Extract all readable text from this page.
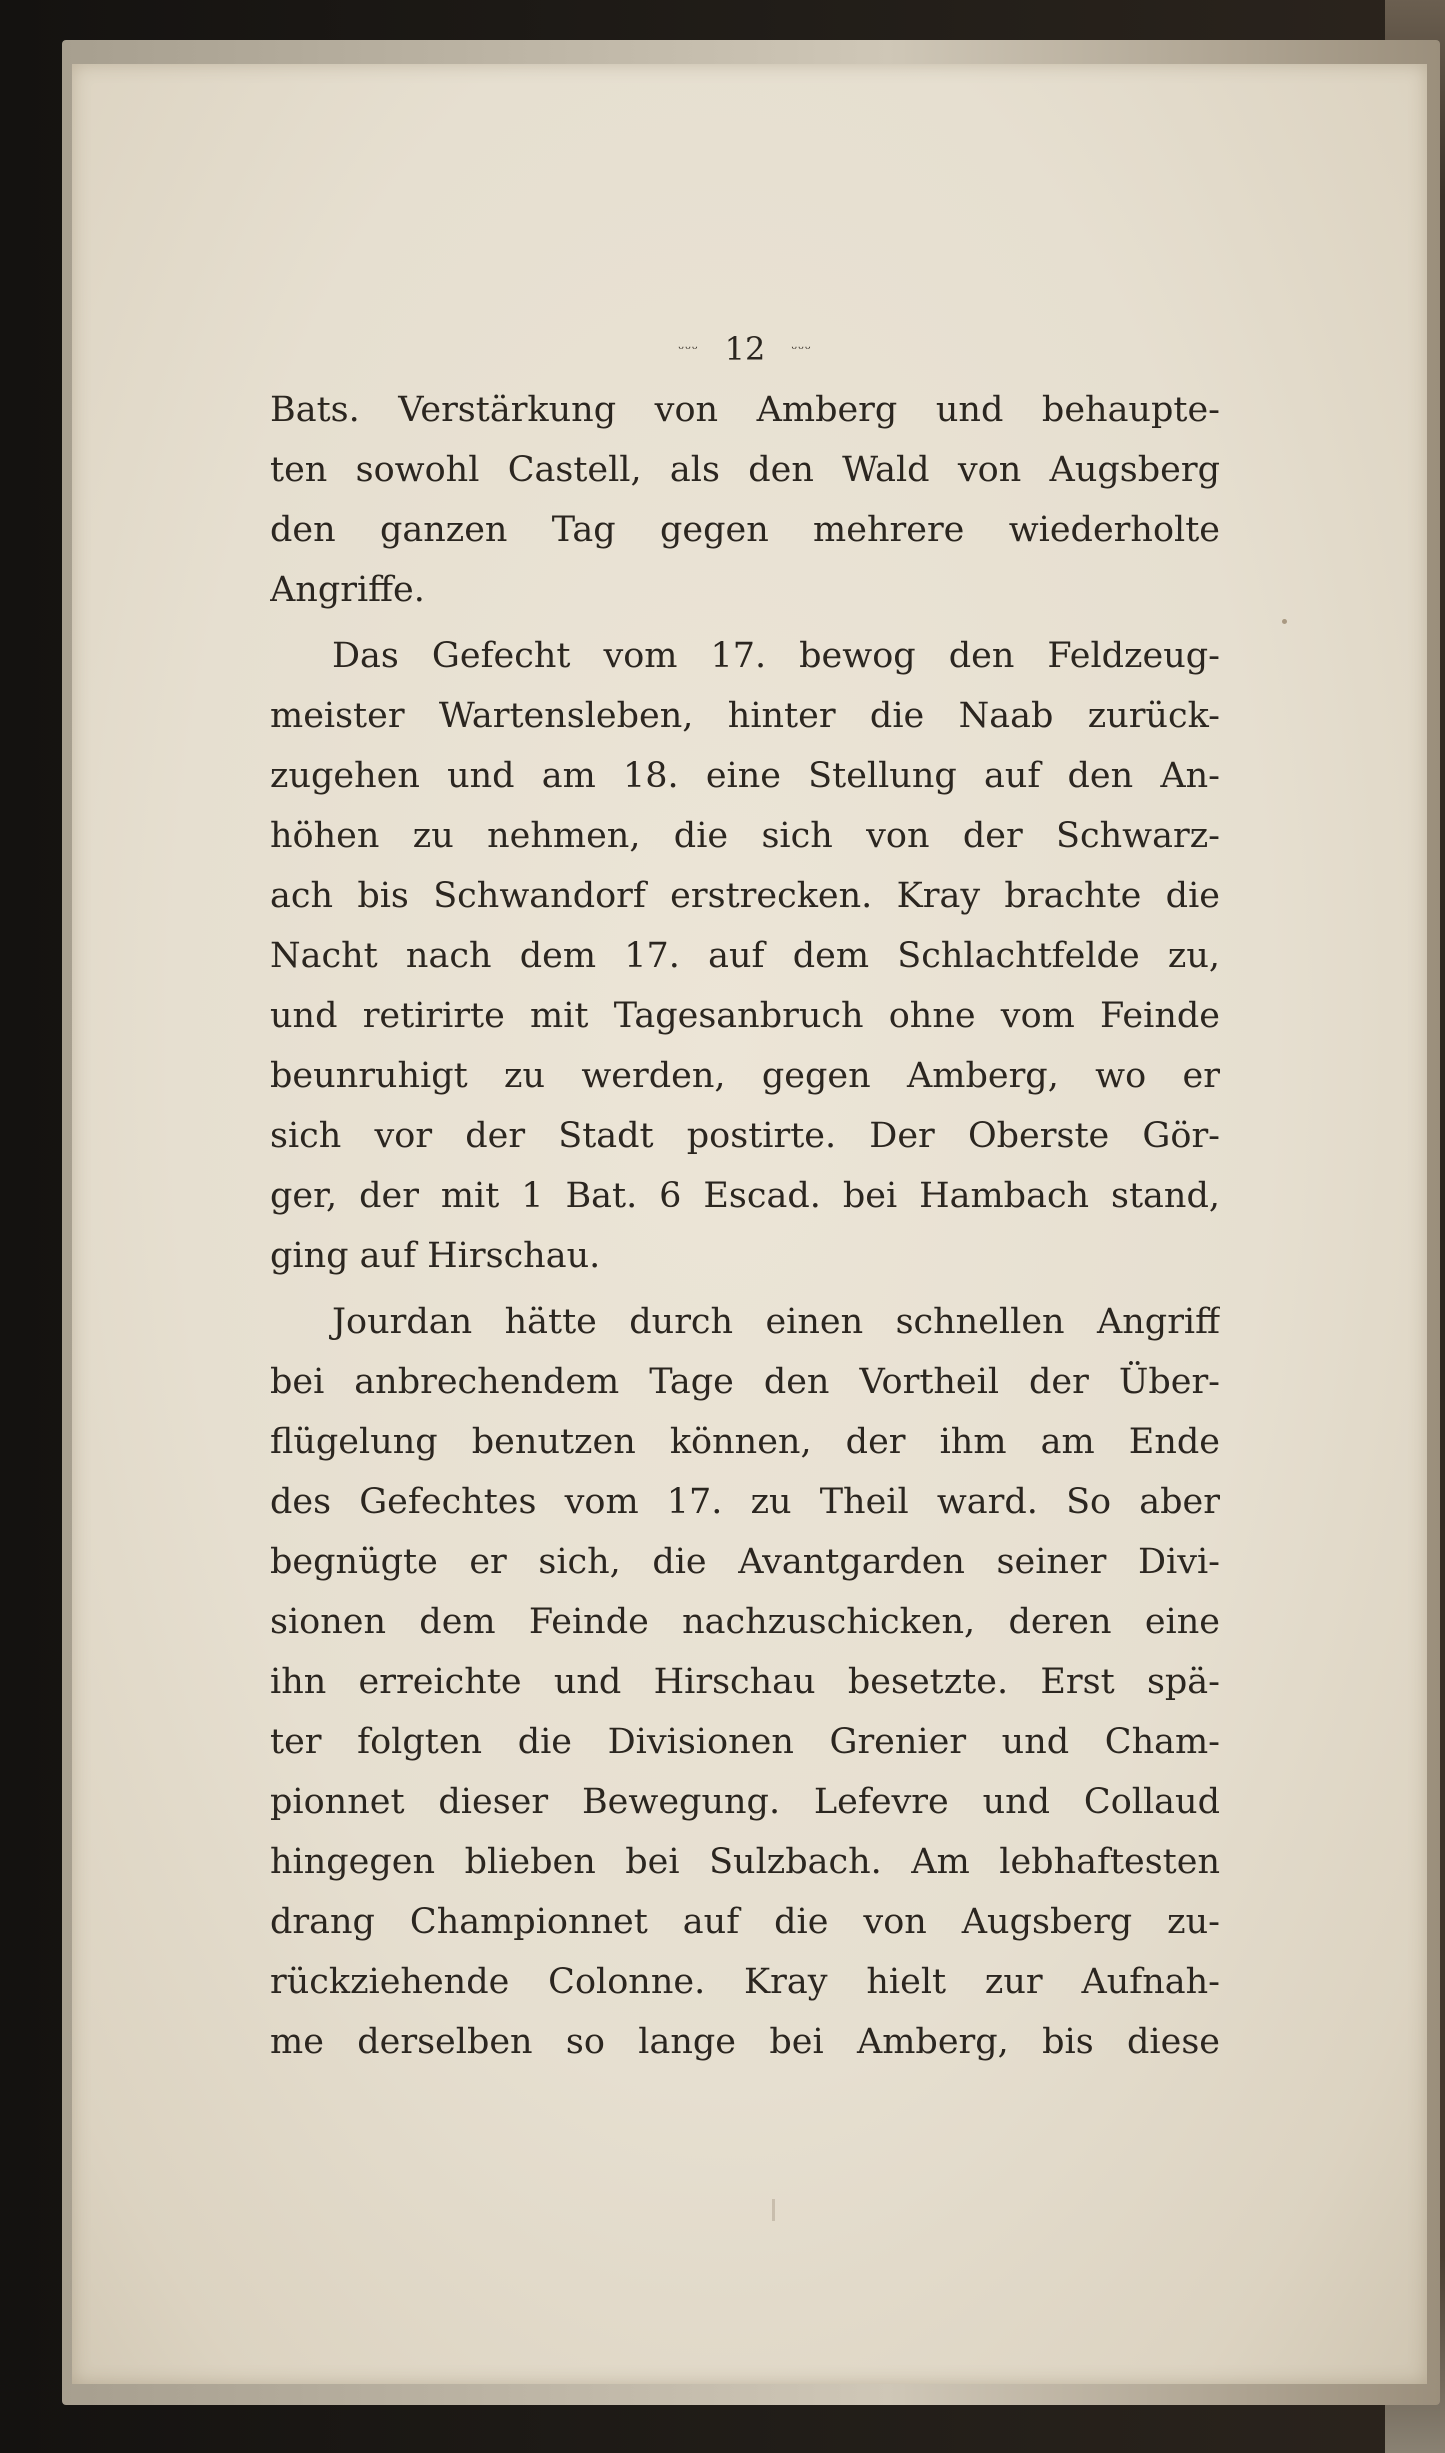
ᵕᵕᵕ 12 ᵕᵕᵕ
Bats. Verstärkung von Amberg und behaupte-
ten sowohl Castell, als den Wald von Augsberg
den ganzen Tag gegen mehrere wiederholte
Angriffe.
Das Gefecht vom 17. bewog den Feldzeug-
meister Wartensleben, hinter die Naab zurück-
zugehen und am 18. eine Stellung auf den An-
höhen zu nehmen, die sich von der Schwarz-
ach bis Schwandorf erstrecken. Kray brachte die
Nacht nach dem 17. auf dem Schlachtfelde zu,
und retirirte mit Tagesanbruch ohne vom Feinde
beunruhigt zu werden, gegen Amberg, wo er
sich vor der Stadt postirte. Der Oberste Gör-
ger, der mit 1 Bat. 6 Escad. bei Hambach stand,
ging auf Hirschau.
Jourdan hätte durch einen schnellen Angriff
bei anbrechendem Tage den Vortheil der Über-
flügelung benutzen können, der ihm am Ende
des Gefechtes vom 17. zu Theil ward. So aber
begnügte er sich, die Avantgarden seiner Divi-
sionen dem Feinde nachzuschicken, deren eine
ihn erreichte und Hirschau besetzte. Erst spä-
ter folgten die Divisionen Grenier und Cham-
pionnet dieser Bewegung. Lefevre und Collaud
hingegen blieben bei Sulzbach. Am lebhaftesten
drang Championnet auf die von Augsberg zu-
rückziehende Colonne. Kray hielt zur Aufnah-
me derselben so lange bei Amberg, bis diese
